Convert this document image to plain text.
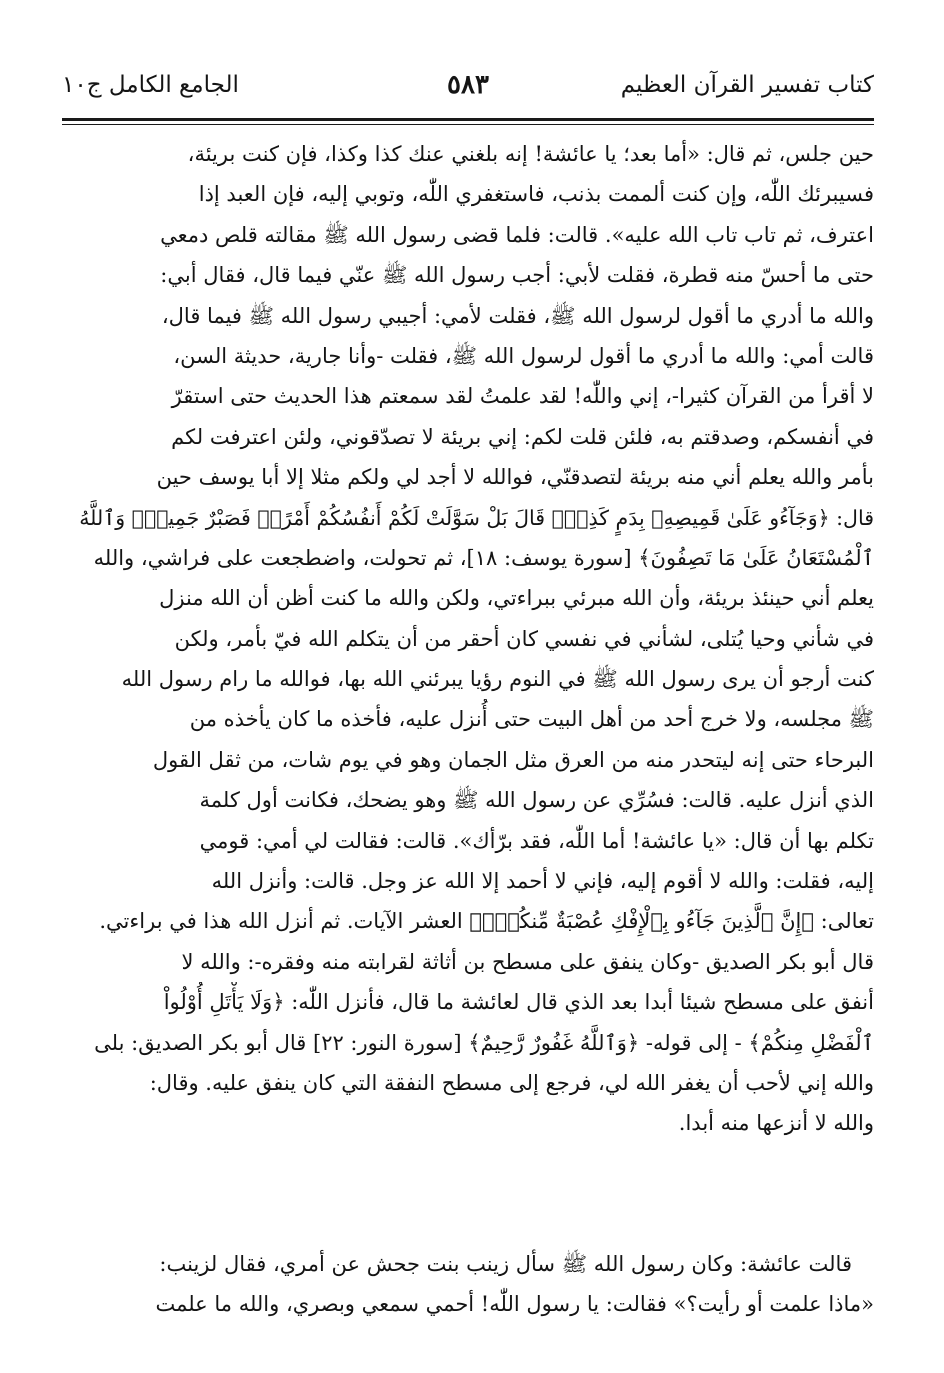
كتاب تفسير القرآن العظيم
٥٨٣
الجامع الكامل ج١٠
حين جلس، ثم قال: «أما بعد؛ يا عائشة! إنه بلغني عنك كذا وكذا، فإن كنت بريئة،
فسيبرئك اللّٰه، وإن كنت ألممت بذنب، فاستغفري اللّٰه، وتوبي إليه، فإن العبد إذا
اعترف، ثم تاب تاب الله عليه». قالت: فلما قضى رسول الله ﷺ مقالته قلص دمعي
حتى ما أحسّ منه قطرة، فقلت لأبي: أجب رسول الله ﷺ عنّي فيما قال، فقال أبي:
والله ما أدري ما أقول لرسول الله ﷺ، فقلت لأمي: أجيبي رسول الله ﷺ فيما قال،
قالت أمي: والله ما أدري ما أقول لرسول الله ﷺ، فقلت -وأنا جارية، حديثة السن،
لا أقرأ من القرآن كثيرا-، إني واللّٰه! لقد علمتُ لقد سمعتم هذا الحديث حتى استقرّ
في أنفسكم، وصدقتم به، فلئن قلت لكم: إني بريئة لا تصدّقوني، ولئن اعترفت لكم
بأمر والله يعلم أني منه بريئة لتصدقنّي، فوالله لا أجد لي ولكم مثلا إلا أبا يوسف حين
قال: ﴿وَجَآءُو عَلَىٰ قَمِيصِهِۦ بِدَمٍ كَذِبٍۚ قَالَ بَلْ سَوَّلَتْ لَكُمْ أَنفُسُكُمْ أَمْرًاۖ فَصَبْرٌ جَمِيلٌۖ وَٱللَّهُ
ٱلْمُسْتَعَانُ عَلَىٰ مَا تَصِفُونَ﴾ [سورة يوسف: ١٨]، ثم تحولت، واضطجعت على فراشي، والله
يعلم أني حينئذ بريئة، وأن الله مبرئي ببراءتي، ولكن والله ما كنت أظن أن الله منزل
في شأني وحيا يُتلى، لشأني في نفسي كان أحقر من أن يتكلم الله فيّ بأمر، ولكن
كنت أرجو أن يرى رسول الله ﷺ في النوم رؤيا يبرئني الله بها، فوالله ما رام رسول الله
ﷺ مجلسه، ولا خرج أحد من أهل البيت حتى أُنزل عليه، فأخذه ما كان يأخذه من
البرحاء حتى إنه ليتحدر منه من العرق مثل الجمان وهو في يوم شات، من ثقل القول
الذي أنزل عليه. قالت: فسُرِّي عن رسول الله ﷺ وهو يضحك، فكانت أول كلمة
تكلم بها أن قال: «يا عائشة! أما اللّٰه، فقد برّأك». قالت: فقالت لي أمي: قومي
إليه، فقلت: والله لا أقوم إليه، فإني لا أحمد إلا الله عز وجل. قالت: وأنزل الله
تعالى: ﴿إِنَّ ٱلَّذِينَ جَآءُو بِٱلْإِفْكِ عُصْبَةٌ مِّنكُمْۚ﴾ العشر الآيات. ثم أنزل الله هذا في براءتي.
قال أبو بكر الصديق -وكان ينفق على مسطح بن أثاثة لقرابته منه وفقره-: والله لا
أنفق على مسطح شيئا أبدا بعد الذي قال لعائشة ما قال، فأنزل اللّٰه: ﴿وَلَا يَأْتَلِ أُوْلُواْ
ٱلْفَضْلِ مِنكُمْ﴾ - إلى قوله- ﴿وَٱللَّهُ غَفُورٌ رَّحِيمٌ﴾ [سورة النور: ٢٢] قال أبو بكر الصديق: بلى
والله إني لأحب أن يغفر الله لي، فرجع إلى مسطح النفقة التي كان ينفق عليه. وقال:
والله لا أنزعها منه أبدا.
قالت عائشة: وكان رسول الله ﷺ سأل زينب بنت جحش عن أمري، فقال لزينب:
«ماذا علمت أو رأيت؟» فقالت: يا رسول اللّٰه! أحمي سمعي وبصري، والله ما علمت
